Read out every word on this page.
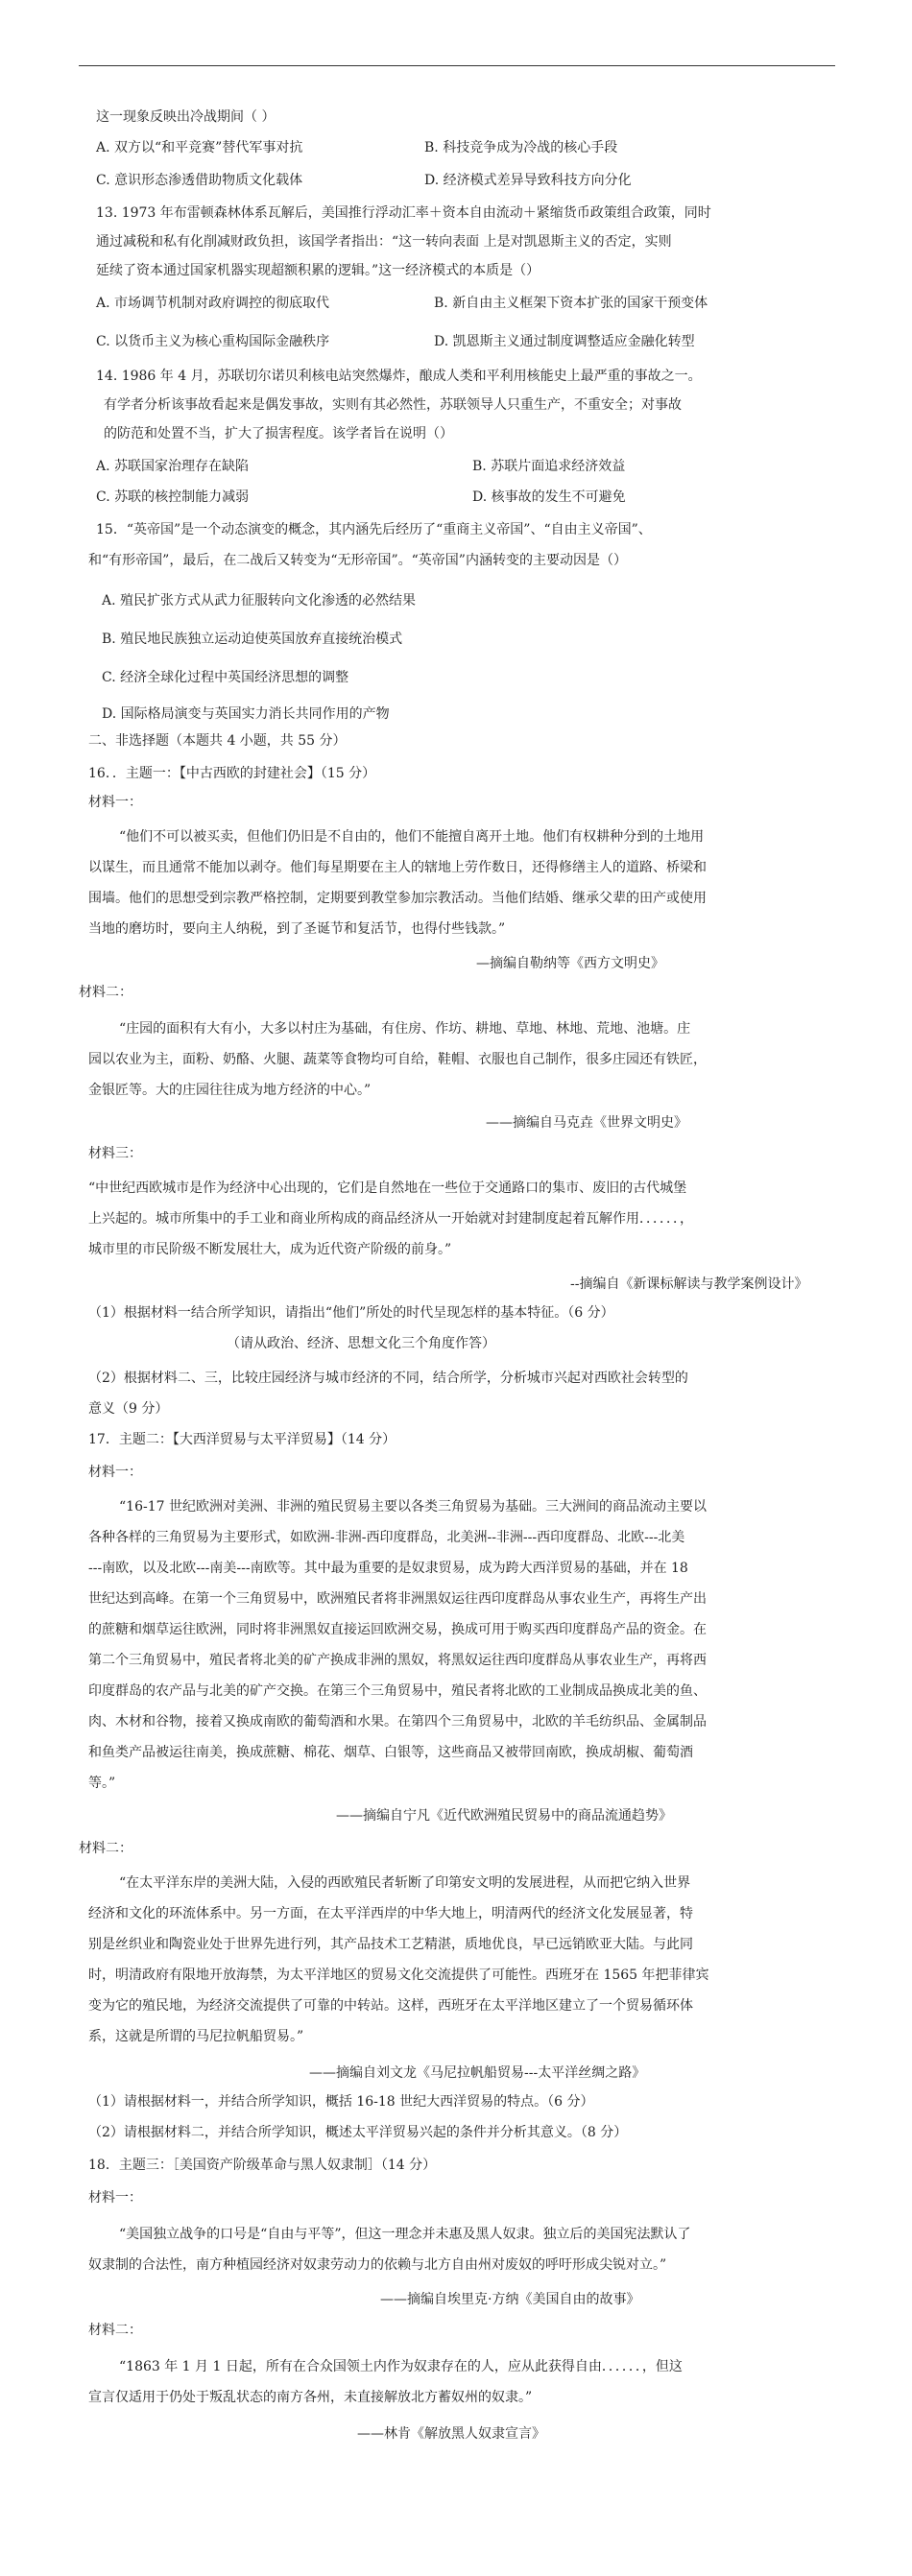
这一现象反映出冷战期间（ ）
A. 双方以“和平竞赛”替代军事对抗	B. 科技竞争成为冷战的核心手段
C. 意识形态渗透借助物质文化载体	D. 经济模式差异导致科技方向分化
13. 1973 年布雷顿森林体系瓦解后，美国推行浮动汇率＋资本自由流动＋紧缩货币政策组合政策，同时
通过减税和私有化削减财政负担，该国学者指出：“这一转向表面 上是对凯恩斯主义的否定，实则
延续了资本通过国家机器实现超额积累的逻辑。”这一经济模式的本质是（）
A. 市场调节机制对政府调控的彻底取代	B. 新自由主义框架下资本扩张的国家干预变体
C. 以货币主义为核心重构国际金融秩序	D. 凯恩斯主义通过制度调整适应金融化转型
14. 1986 年 4 月，苏联切尔诺贝利核电站突然爆炸，酿成人类和平利用核能史上最严重的事故之一。
有学者分析该事故看起来是偶发事故，实则有其必然性，苏联领导人只重生产，不重安全；对事故
的防范和处置不当，扩大了损害程度。该学者旨在说明（）
A. 苏联国家治理存在缺陷	B. 苏联片面追求经济效益
C. 苏联的核控制能力减弱	D. 核事故的发生不可避免
15．“英帝国”是一个动态演变的概念，其内涵先后经历了“重商主义帝国”、“自由主义帝国”、
和“有形帝国”，最后，在二战后又转变为“无形帝国”。“英帝国”内涵转变的主要动因是（）
A. 殖民扩张方式从武力征服转向文化渗透的必然结果
B. 殖民地民族独立运动迫使英国放弃直接统治模式
C. 经济全球化过程中英国经济思想的调整
D. 国际格局演变与英国实力消长共同作用的产物
二、非选择题（本题共 4 小题，共 55 分）
16．．主题一：【中古西欧的封建社会】（15 分）
材料一：
“他们不可以被买卖，但他们仍旧是不自由的，他们不能擅自离开土地。他们有权耕种分到的土地用
以谋生，而且通常不能加以剥夺。他们每星期要在主人的辖地上劳作数日，还得修缮主人的道路、桥梁和
围墙。他们的思想受到宗教严格控制，定期要到教堂参加宗教活动。当他们结婚、继承父辈的田产或使用
当地的磨坊时，要向主人纳税，到了圣诞节和复活节，也得付些钱款。”
—摘编自勒纳等《西方文明史》
材料二：
“庄园的面积有大有小，大多以村庄为基础，有住房、作坊、耕地、草地、林地、荒地、池塘。庄
园以农业为主，面粉、奶酪、火腿、蔬菜等食物均可自给，鞋帽、衣服也自己制作，很多庄园还有铁匠，
金银匠等。大的庄园往往成为地方经济的中心。”
——摘编自马克垚《世界文明史》
材料三：
“中世纪西欧城市是作为经济中心出现的，它们是自然地在一些位于交通路口的集市、废旧的古代城堡
上兴起的。城市所集中的手工业和商业所构成的商品经济从一开始就对封建制度起着瓦解作用．．．．．．，
城市里的市民阶级不断发展壮大，成为近代资产阶级的前身。”
--摘编自《新课标解读与教学案例设计》
（1）根据材料一结合所学知识，请指出“他们”所处的时代呈现怎样的基本特征。（6 分）
（请从政治、经济、思想文化三个角度作答）
（2）根据材料二、三，比较庄园经济与城市经济的不同，结合所学，分析城市兴起对西欧社会转型的
意义（9 分）
17．主题二：【大西洋贸易与太平洋贸易】（14 分）
材料一：
“16-17 世纪欧洲对美洲、非洲的殖民贸易主要以各类三角贸易为基础。三大洲间的商品流动主要以
各种各样的三角贸易为主要形式，如欧洲-非洲-西印度群岛，北美洲-‐非洲-‐‐西印度群岛、北欧-‐‐北美
-‐‐南欧，以及北欧-‐‐南美-‐‐南欧等。其中最为重要的是奴隶贸易，成为跨大西洋贸易的基础，并在 18
世纪达到高峰。在第一个三角贸易中，欧洲殖民者将非洲黑奴运往西印度群岛从事农业生产，再将生产出
的蔗糖和烟草运往欧洲，同时将非洲黑奴直接运回欧洲交易，换成可用于购买西印度群岛产品的资金。在
第二个三角贸易中，殖民者将北美的矿产换成非洲的黑奴，将黑奴运往西印度群岛从事农业生产，再将西
印度群岛的农产品与北美的矿产交换。在第三个三角贸易中，殖民者将北欧的工业制成品换成北美的鱼、
肉、木材和谷物，接着又换成南欧的葡萄酒和水果。在第四个三角贸易中，北欧的羊毛纺织品、金属制品
和鱼类产品被运往南美，换成蔗糖、棉花、烟草、白银等，这些商品又被带回南欧，换成胡椒、葡萄酒
等。”
——摘编自宁凡《近代欧洲殖民贸易中的商品流通趋势》
材料二：
“在太平洋东岸的美洲大陆，入侵的西欧殖民者斩断了印第安文明的发展进程，从而把它纳入世界
经济和文化的环流体系中。另一方面，在太平洋西岸的中华大地上，明清两代的经济文化发展显著，特
别是丝织业和陶瓷业处于世界先进行列，其产品技术工艺精湛，质地优良，早已远销欧亚大陆。与此同
时，明清政府有限地开放海禁，为太平洋地区的贸易文化交流提供了可能性。西班牙在 1565 年把菲律宾
变为它的殖民地，为经济交流提供了可靠的中转站。这样，西班牙在太平洋地区建立了一个贸易循环体
系，这就是所谓的马尼拉帆船贸易。”
——摘编自刘文龙《马尼拉帆船贸易-‐‐太平洋丝绸之路》
（1）请根据材料一，并结合所学知识，概括 16-18 世纪大西洋贸易的特点。（6 分）
（2）请根据材料二，并结合所学知识，概述太平洋贸易兴起的条件并分析其意义。（8 分）
18．主题三：［美国资产阶级革命与黑人奴隶制］（14 分）
材料一：
“美国独立战争的口号是“自由与平等”，但这一理念并未惠及黑人奴隶。独立后的美国宪法默认了
奴隶制的合法性，南方种植园经济对奴隶劳动力的依赖与北方自由州对废奴的呼吁形成尖锐对立。”
——摘编自埃里克·方纳《美国自由的故事》
材料二：
“1863 年 1 月 1 日起，所有在合众国领土内作为奴隶存在的人，应从此获得自由．．．．．．，但这
宣言仅适用于仍处于叛乱状态的南方各州，未直接解放北方蓄奴州的奴隶。”
——林肯《解放黑人奴隶宣言》
